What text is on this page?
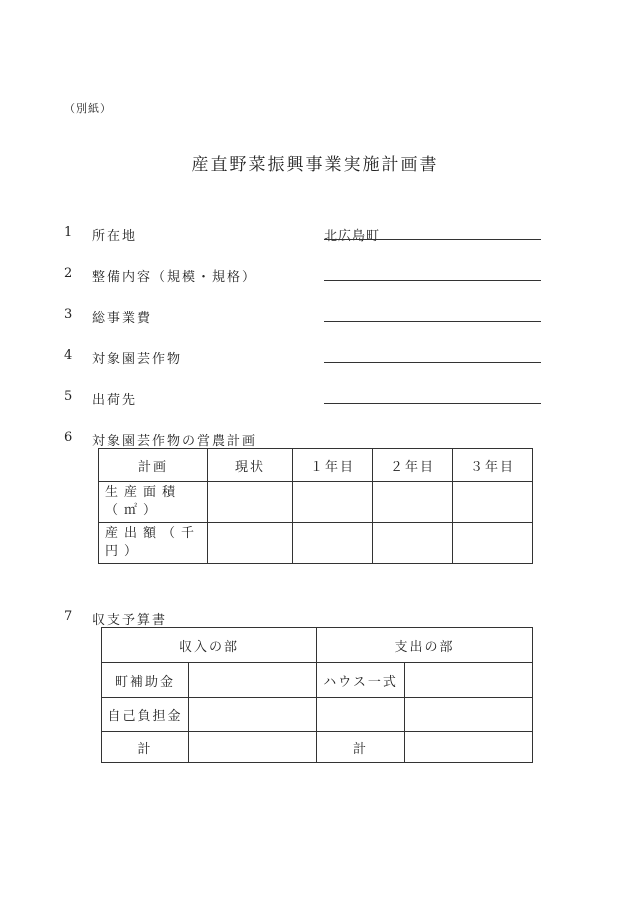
（別紙）
産直野菜振興事業実施計画書
1 所在地	北広島町
2 整備内容（規模・規格）
3 総事業費
4 対象園芸作物
5 出荷先
6 対象園芸作物の営農計画
計画	現状	１年目	２年目	３年目
生産面積（㎡）				
産出額（千円）				
7 収支予算書
収入の部		支出の部	
町補助金		ハウス一式	
自己負担金			
計		計	
